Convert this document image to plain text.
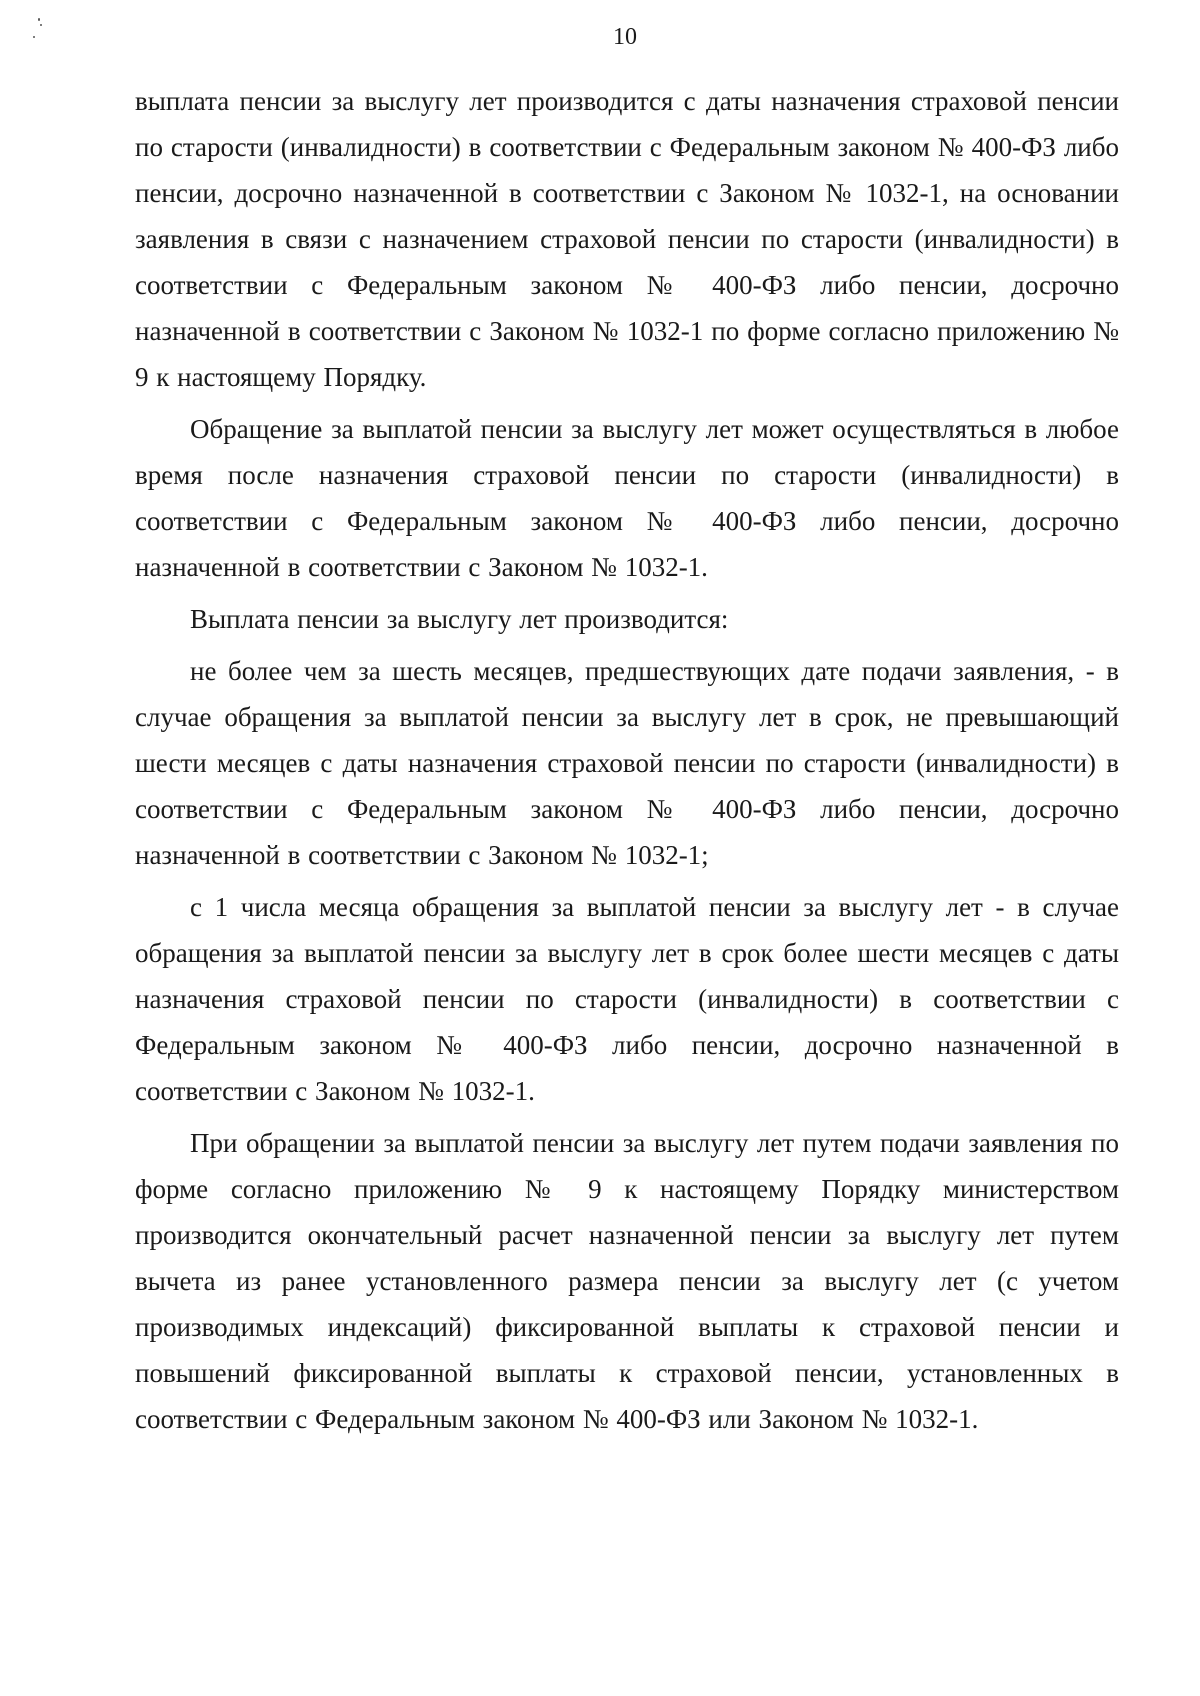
10

выплата пенсии за выслугу лет производится с даты назначения страховой пенсии по старости (инвалидности) в соответствии с Федеральным законом № 400-ФЗ либо пенсии, досрочно назначенной в соответствии с Законом № 1032-1, на основании заявления в связи с назначением страховой пенсии по старости (инвалидности) в соответствии с Федеральным законом № 400-ФЗ либо пенсии, досрочно назначенной в соответствии с Законом № 1032-1 по форме согласно приложению № 9 к настоящему Порядку.

Обращение за выплатой пенсии за выслугу лет может осуществляться в любое время после назначения страховой пенсии по старости (инвалидности) в соответствии с Федеральным законом № 400-ФЗ либо пенсии, досрочно назначенной в соответствии с Законом № 1032-1.

Выплата пенсии за выслугу лет производится:

не более чем за шесть месяцев, предшествующих дате подачи заявления, - в случае обращения за выплатой пенсии за выслугу лет в срок, не превышающий шести месяцев с даты назначения страховой пенсии по старости (инвалидности) в соответствии с Федеральным законом № 400-ФЗ либо пенсии, досрочно назначенной в соответствии с Законом № 1032-1;

с 1 числа месяца обращения за выплатой пенсии за выслугу лет - в случае обращения за выплатой пенсии за выслугу лет в срок более шести месяцев с даты назначения страховой пенсии по старости (инвалидности) в соответствии с Федеральным законом № 400-ФЗ либо пенсии, досрочно назначенной в соответствии с Законом № 1032-1.

При обращении за выплатой пенсии за выслугу лет путем подачи заявления по форме согласно приложению № 9 к настоящему Порядку министерством производится окончательный расчет назначенной пенсии за выслугу лет путем вычета из ранее установленного размера пенсии за выслугу лет (с учетом производимых индексаций) фиксированной выплаты к страховой пенсии и повышений фиксированной выплаты к страховой пенсии, установленных в соответствии с Федеральным законом № 400-ФЗ или Законом № 1032-1.
